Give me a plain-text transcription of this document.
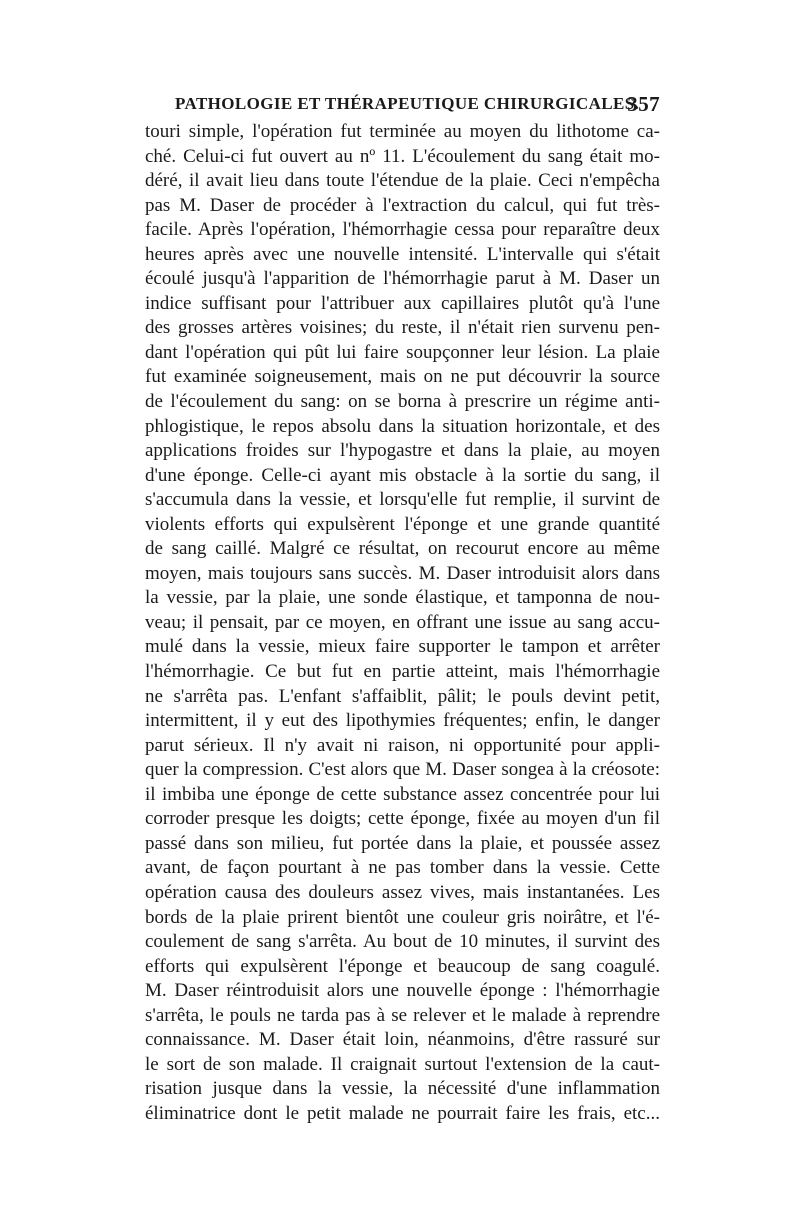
PATHOLOGIE ET THÉRAPEUTIQUE CHIRURGICALES.
357
touri simple, l'opération fut terminée au moyen du lithotome ca-
ché. Celui-ci fut ouvert au nº 11. L'écoulement du sang était mo-
déré, il avait lieu dans toute l'étendue de la plaie. Ceci n'empêcha
pas M. Daser de procéder à l'extraction du calcul, qui fut très-
facile. Après l'opération, l'hémorrhagie cessa pour reparaître deux
heures après avec une nouvelle intensité. L'intervalle qui s'était
écoulé jusqu'à l'apparition de l'hémorrhagie parut à M. Daser un
indice suffisant pour l'attribuer aux capillaires plutôt qu'à l'une
des grosses artères voisines; du reste, il n'était rien survenu pen-
dant l'opération qui pût lui faire soupçonner leur lésion. La plaie
fut examinée soigneusement, mais on ne put découvrir la source
de l'écoulement du sang: on se borna à prescrire un régime anti-
phlogistique, le repos absolu dans la situation horizontale, et des
applications froides sur l'hypogastre et dans la plaie, au moyen
d'une éponge. Celle-ci ayant mis obstacle à la sortie du sang, il
s'accumula dans la vessie, et lorsqu'elle fut remplie, il survint de
violents efforts qui expulsèrent l'éponge et une grande quantité
de sang caillé. Malgré ce résultat, on recourut encore au même
moyen, mais toujours sans succès. M. Daser introduisit alors dans
la vessie, par la plaie, une sonde élastique, et tamponna de nou-
veau; il pensait, par ce moyen, en offrant une issue au sang accu-
mulé dans la vessie, mieux faire supporter le tampon et arrêter
l'hémorrhagie. Ce but fut en partie atteint, mais l'hémorrhagie
ne s'arrêta pas. L'enfant s'affaiblit, pâlit; le pouls devint petit,
intermittent, il y eut des lipothymies fréquentes; enfin, le danger
parut sérieux. Il n'y avait ni raison, ni opportunité pour appli-
quer la compression. C'est alors que M. Daser songea à la créosote:
il imbiba une éponge de cette substance assez concentrée pour lui
corroder presque les doigts; cette éponge, fixée au moyen d'un fil
passé dans son milieu, fut portée dans la plaie, et poussée assez
avant, de façon pourtant à ne pas tomber dans la vessie. Cette
opération causa des douleurs assez vives, mais instantanées. Les
bords de la plaie prirent bientôt une couleur gris noirâtre, et l'é-
coulement de sang s'arrêta. Au bout de 10 minutes, il survint des
efforts qui expulsèrent l'éponge et beaucoup de sang coagulé.
M. Daser réintroduisit alors une nouvelle éponge : l'hémorrhagie
s'arrêta, le pouls ne tarda pas à se relever et le malade à reprendre
connaissance. M. Daser était loin, néanmoins, d'être rassuré sur
le sort de son malade. Il craignait surtout l'extension de la caut-
risation jusque dans la vessie, la nécessité d'une inflammation
éliminatrice dont le petit malade ne pourrait faire les frais, etc...
